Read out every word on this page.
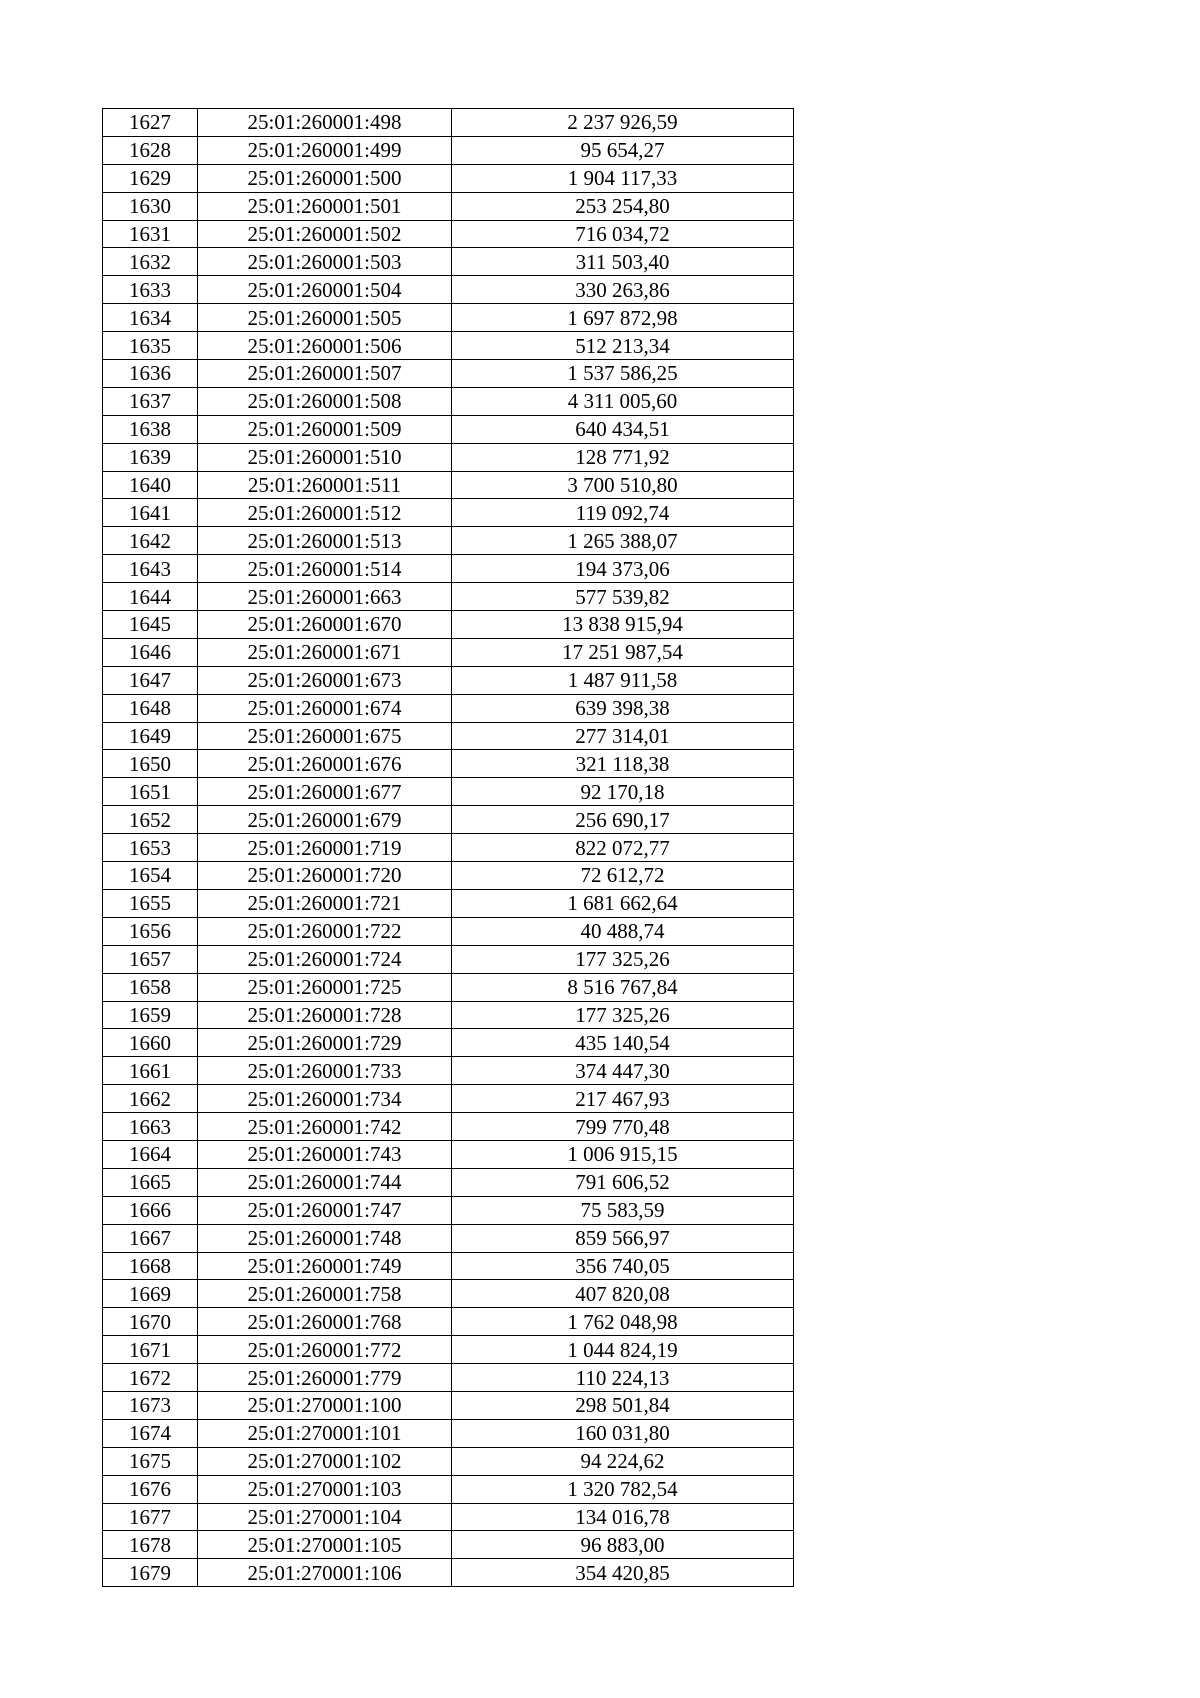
1627	25:01:260001:498	2 237 926,59
1628	25:01:260001:499	95 654,27
1629	25:01:260001:500	1 904 117,33
1630	25:01:260001:501	253 254,80
1631	25:01:260001:502	716 034,72
1632	25:01:260001:503	311 503,40
1633	25:01:260001:504	330 263,86
1634	25:01:260001:505	1 697 872,98
1635	25:01:260001:506	512 213,34
1636	25:01:260001:507	1 537 586,25
1637	25:01:260001:508	4 311 005,60
1638	25:01:260001:509	640 434,51
1639	25:01:260001:510	128 771,92
1640	25:01:260001:511	3 700 510,80
1641	25:01:260001:512	119 092,74
1642	25:01:260001:513	1 265 388,07
1643	25:01:260001:514	194 373,06
1644	25:01:260001:663	577 539,82
1645	25:01:260001:670	13 838 915,94
1646	25:01:260001:671	17 251 987,54
1647	25:01:260001:673	1 487 911,58
1648	25:01:260001:674	639 398,38
1649	25:01:260001:675	277 314,01
1650	25:01:260001:676	321 118,38
1651	25:01:260001:677	92 170,18
1652	25:01:260001:679	256 690,17
1653	25:01:260001:719	822 072,77
1654	25:01:260001:720	72 612,72
1655	25:01:260001:721	1 681 662,64
1656	25:01:260001:722	40 488,74
1657	25:01:260001:724	177 325,26
1658	25:01:260001:725	8 516 767,84
1659	25:01:260001:728	177 325,26
1660	25:01:260001:729	435 140,54
1661	25:01:260001:733	374 447,30
1662	25:01:260001:734	217 467,93
1663	25:01:260001:742	799 770,48
1664	25:01:260001:743	1 006 915,15
1665	25:01:260001:744	791 606,52
1666	25:01:260001:747	75 583,59
1667	25:01:260001:748	859 566,97
1668	25:01:260001:749	356 740,05
1669	25:01:260001:758	407 820,08
1670	25:01:260001:768	1 762 048,98
1671	25:01:260001:772	1 044 824,19
1672	25:01:260001:779	110 224,13
1673	25:01:270001:100	298 501,84
1674	25:01:270001:101	160 031,80
1675	25:01:270001:102	94 224,62
1676	25:01:270001:103	1 320 782,54
1677	25:01:270001:104	134 016,78
1678	25:01:270001:105	96 883,00
1679	25:01:270001:106	354 420,85
